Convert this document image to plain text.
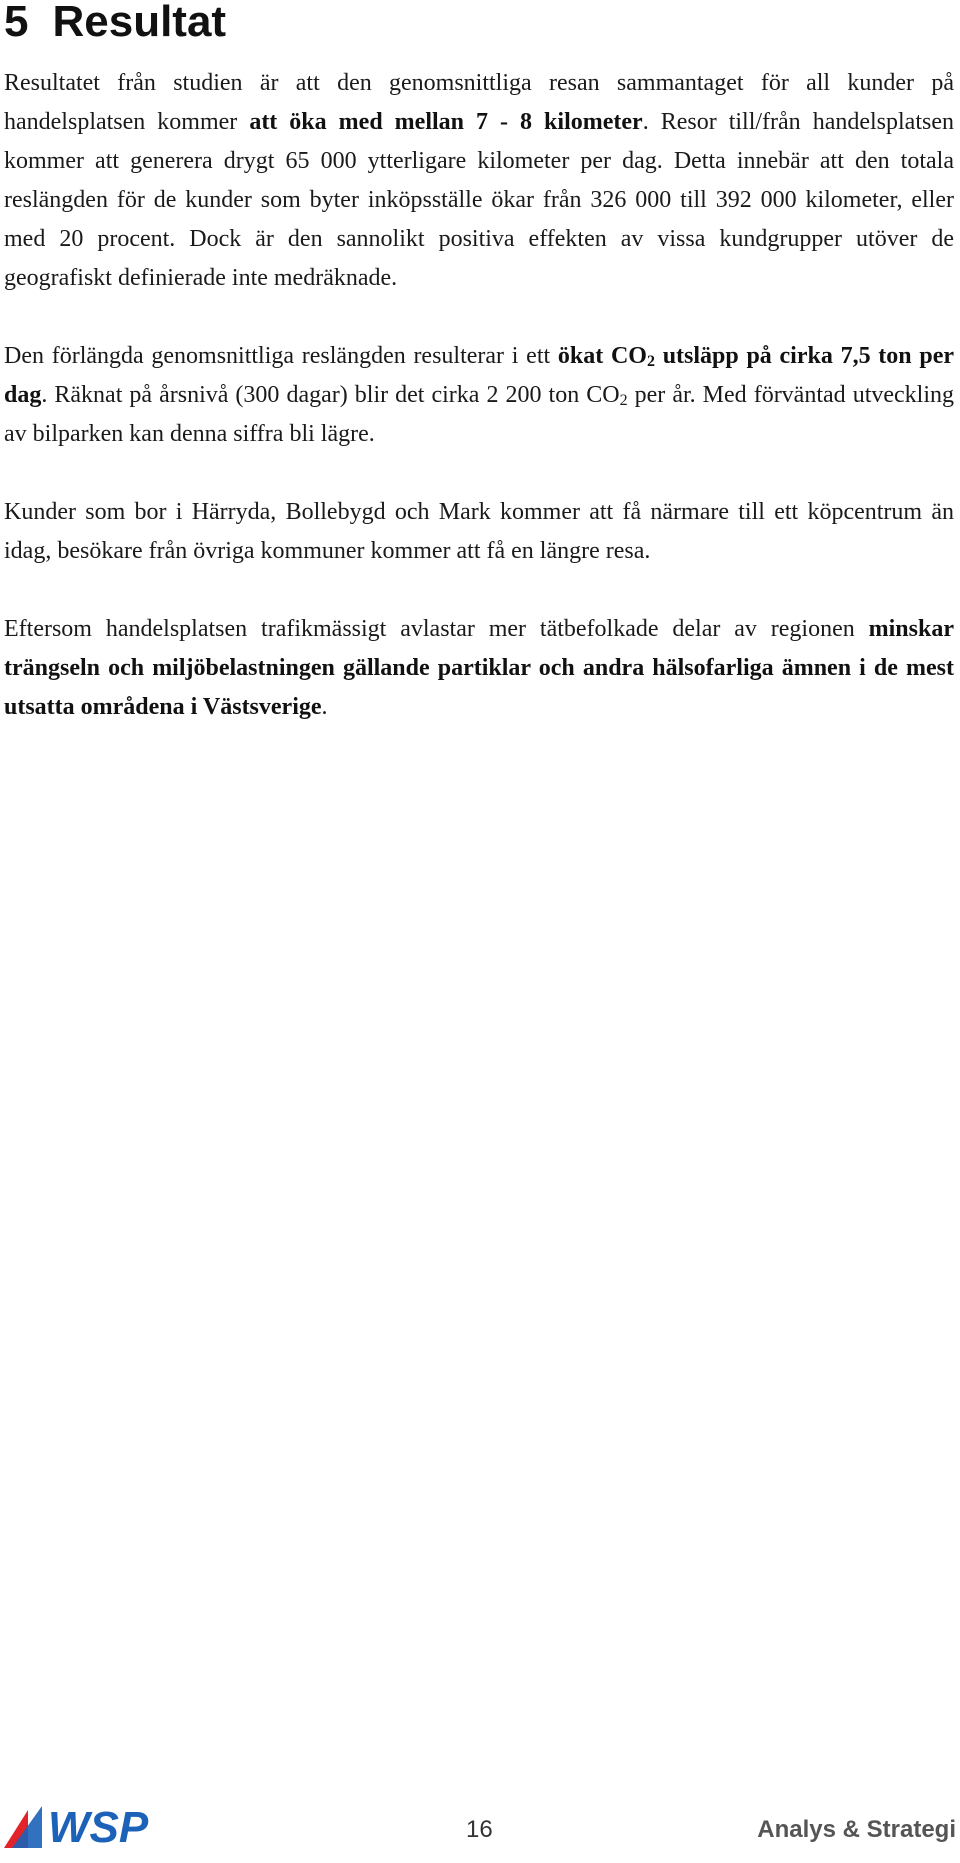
5 Resultat

Resultatet från studien är att den genomsnittliga resan sammantaget för all kunder på handelsplatsen kommer att öka med mellan 7 - 8 kilometer. Resor till/från handelsplatsen kommer att generera drygt 65 000 ytterligare kilometer per dag. Detta innebär att den totala reslängden för de kunder som byter inköpsställe ökar från 326 000 till 392 000 kilometer, eller med 20 procent. Dock är den sannolikt positiva effekten av vissa kundgrupper utöver de geografiskt definierade inte medräknade.

Den förlängda genomsnittliga reslängden resulterar i ett ökat $CO_2$ utsläpp på cirka 7,5 ton per dag. Räknat på årsnivå (300 dagar) blir det cirka 2 200 ton $CO_2$ per år. Med förväntad utveckling av bilparken kan denna siffra bli lägre.

Kunder som bor i Härryda, Bollebygd och Mark kommer att få närmare till ett köpcentrum än idag, besökare från övriga kommuner kommer att få en längre resa.

Eftersom handelsplatsen trafikmässigt avlastar mer tätbefolkade delar av regionen minskar trängseln och miljöbelastningen gällande partiklar och andra hälsofarliga ämnen i de mest utsatta områdena i Västsverige.

WSP	16	Analys & Strategi
